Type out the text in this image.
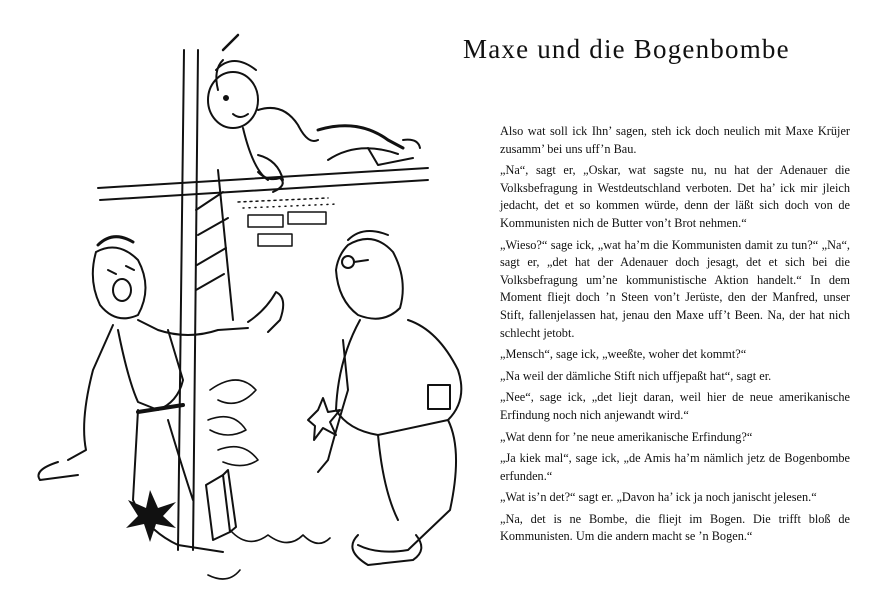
Maxe und die Bogenbombe

Also wat soll ick Ihn’ sagen, steh ick doch neulich mit Maxe Krüjer zusamm’ bei uns uff’n Bau.

„Na“, sagt er, „Oskar, wat sagste nu, nu hat der Adenauer die Volksbefragung in Westdeutschland verboten. Det ha’ ick mir jleich jedacht, det et so kommen würde, denn der läßt sich doch von de Kommunisten nich de Butter von’t Brot nehmen.“

„Wieso?“ sage ick, „wat ha’m die Kommunisten damit zu tun?“ „Na“, sagt er, „det hat der Adenauer doch jesagt, det et sich bei die Volksbefragung um’ne kommunistische Aktion handelt.“ In dem Moment fliejt doch ’n Steen von’t Jerüste, den der Manfred, unser Stift, fallenjelassen hat, jenau den Maxe uff’t Been. Na, der hat nich schlecht jetobt.

„Mensch“, sage ick, „weeßte, woher det kommt?“

„Na weil der dämliche Stift nich uffjepaßt hat“, sagt er.

„Nee“, sage ick, „det liejt daran, weil hier de neue amerikanische Erfindung noch nich anjewandt wird.“

„Wat denn for ’ne neue amerikanische Erfindung?“

„Ja kiek mal“, sage ick, „de Amis ha’m nämlich jetz de Bogenbombe erfunden.“

„Wat is’n det?“ sagt er. „Davon ha’ ick ja noch janischt jelesen.“

„Na, det is ne Bombe, die fliejt im Bogen. Die trifft bloß de Kommunisten. Um die andern macht se ’n Bogen.“
